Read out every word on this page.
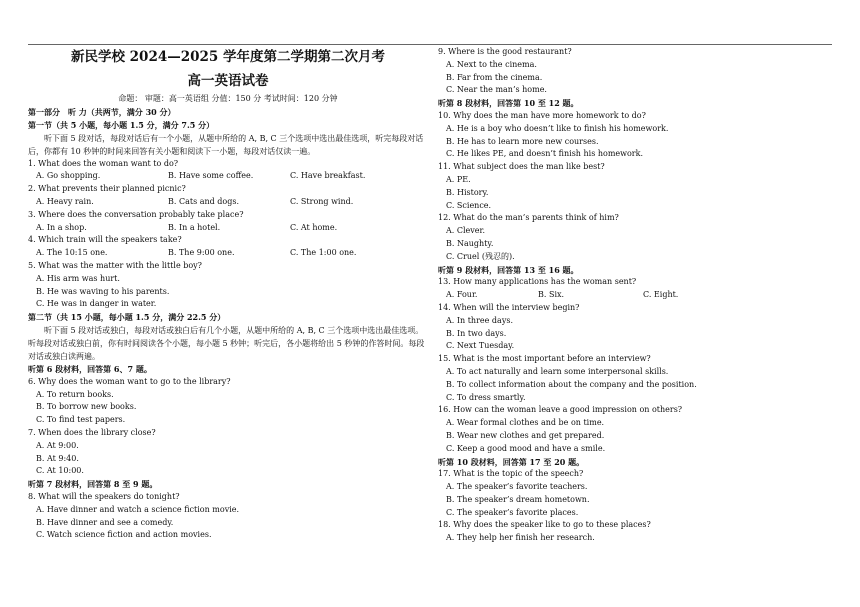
新民学校 2024—2025 学年度第二学期第二次月考
高一英语试卷
命题： 审题：高一英语组 分值：150 分 考试时间：120 分钟
第一部分　听 力（共两节，满分 30 分）
第一节（共 5 小题，每小题 1.5 分，满分 7.5 分）
听下面 5 段对话，每段对话后有一个小题，从题中所给的 A, B, C 三个选项中选出最佳选项，听完每段对话后，你都有 10 秒钟的时间来回答有关小题和阅读下一小题，每段对话仅读一遍。
1. What does the woman want to do?
A. Go shopping.	B. Have some coffee.	C. Have breakfast.
2. What prevents their planned picnic?
A. Heavy rain.	B. Cats and dogs.	C. Strong wind.
3. Where does the conversation probably take place?
A. In a shop.	B. In a hotel.	C. At home.
4. Which train will the speakers take?
A. The 10:15 one.	B. The 9:00 one.	C. The 1:00 one.
5. What was the matter with the little boy?
A. His arm was hurt.
B. He was waving to his parents.
C. He was in danger in water.
第二节（共 15 小题，每小题 1.5 分，满分 22.5 分）
听下面 5 段对话或独白，每段对话或独白后有几个小题，从题中所给的 A, B, C 三个选项中选出最佳选项。听每段对话或独白前，你有时间阅读各个小题，每小题 5 秒钟；听完后，各小题将给出 5 秒钟的作答时间。每段对话或独白读两遍。
听第 6 段材料，回答第 6、7 题。
6. Why does the woman want to go to the library?
A. To return books.
B. To borrow new books.
C. To find test papers.
7. When does the library close?
A. At 9:00.
B. At 9:40.
C. At 10:00.
听第 7 段材料，回答第 8 至 9 题。
8. What will the speakers do tonight?
A. Have dinner and watch a science fiction movie.
B. Have dinner and see a comedy.
C. Watch science fiction and action movies.
9. Where is the good restaurant?
A. Next to the cinema.
B. Far from the cinema.
C. Near the man’s home.
听第 8 段材料，回答第 10 至 12 题。
10. Why does the man have more homework to do?
A. He is a boy who doesn’t like to finish his homework.
B. He has to learn more new courses.
C. He likes PE, and doesn’t finish his homework.
11. What subject does the man like best?
A. PE.
B. History.
C. Science.
12. What do the man’s parents think of him?
A. Clever.
B. Naughty.
C. Cruel (残忍的).
听第 9 段材料，回答第 13 至 16 题。
13. How many applications has the woman sent?
A. Four.	B. Six.	C. Eight.
14. When will the interview begin?
A. In three days.
B. In two days.
C. Next Tuesday.
15. What is the most important before an interview?
A. To act naturally and learn some interpersonal skills.
B. To collect information about the company and the position.
C. To dress smartly.
16. How can the woman leave a good impression on others?
A. Wear formal clothes and be on time.
B. Wear new clothes and get prepared.
C. Keep a good mood and have a smile.
听第 10 段材料，回答第 17 至 20 题。
17. What is the topic of the speech?
A. The speaker’s favorite teachers.
B. The speaker’s dream hometown.
C. The speaker’s favorite places.
18. Why does the speaker like to go to these places?
A. They help her finish her research.
